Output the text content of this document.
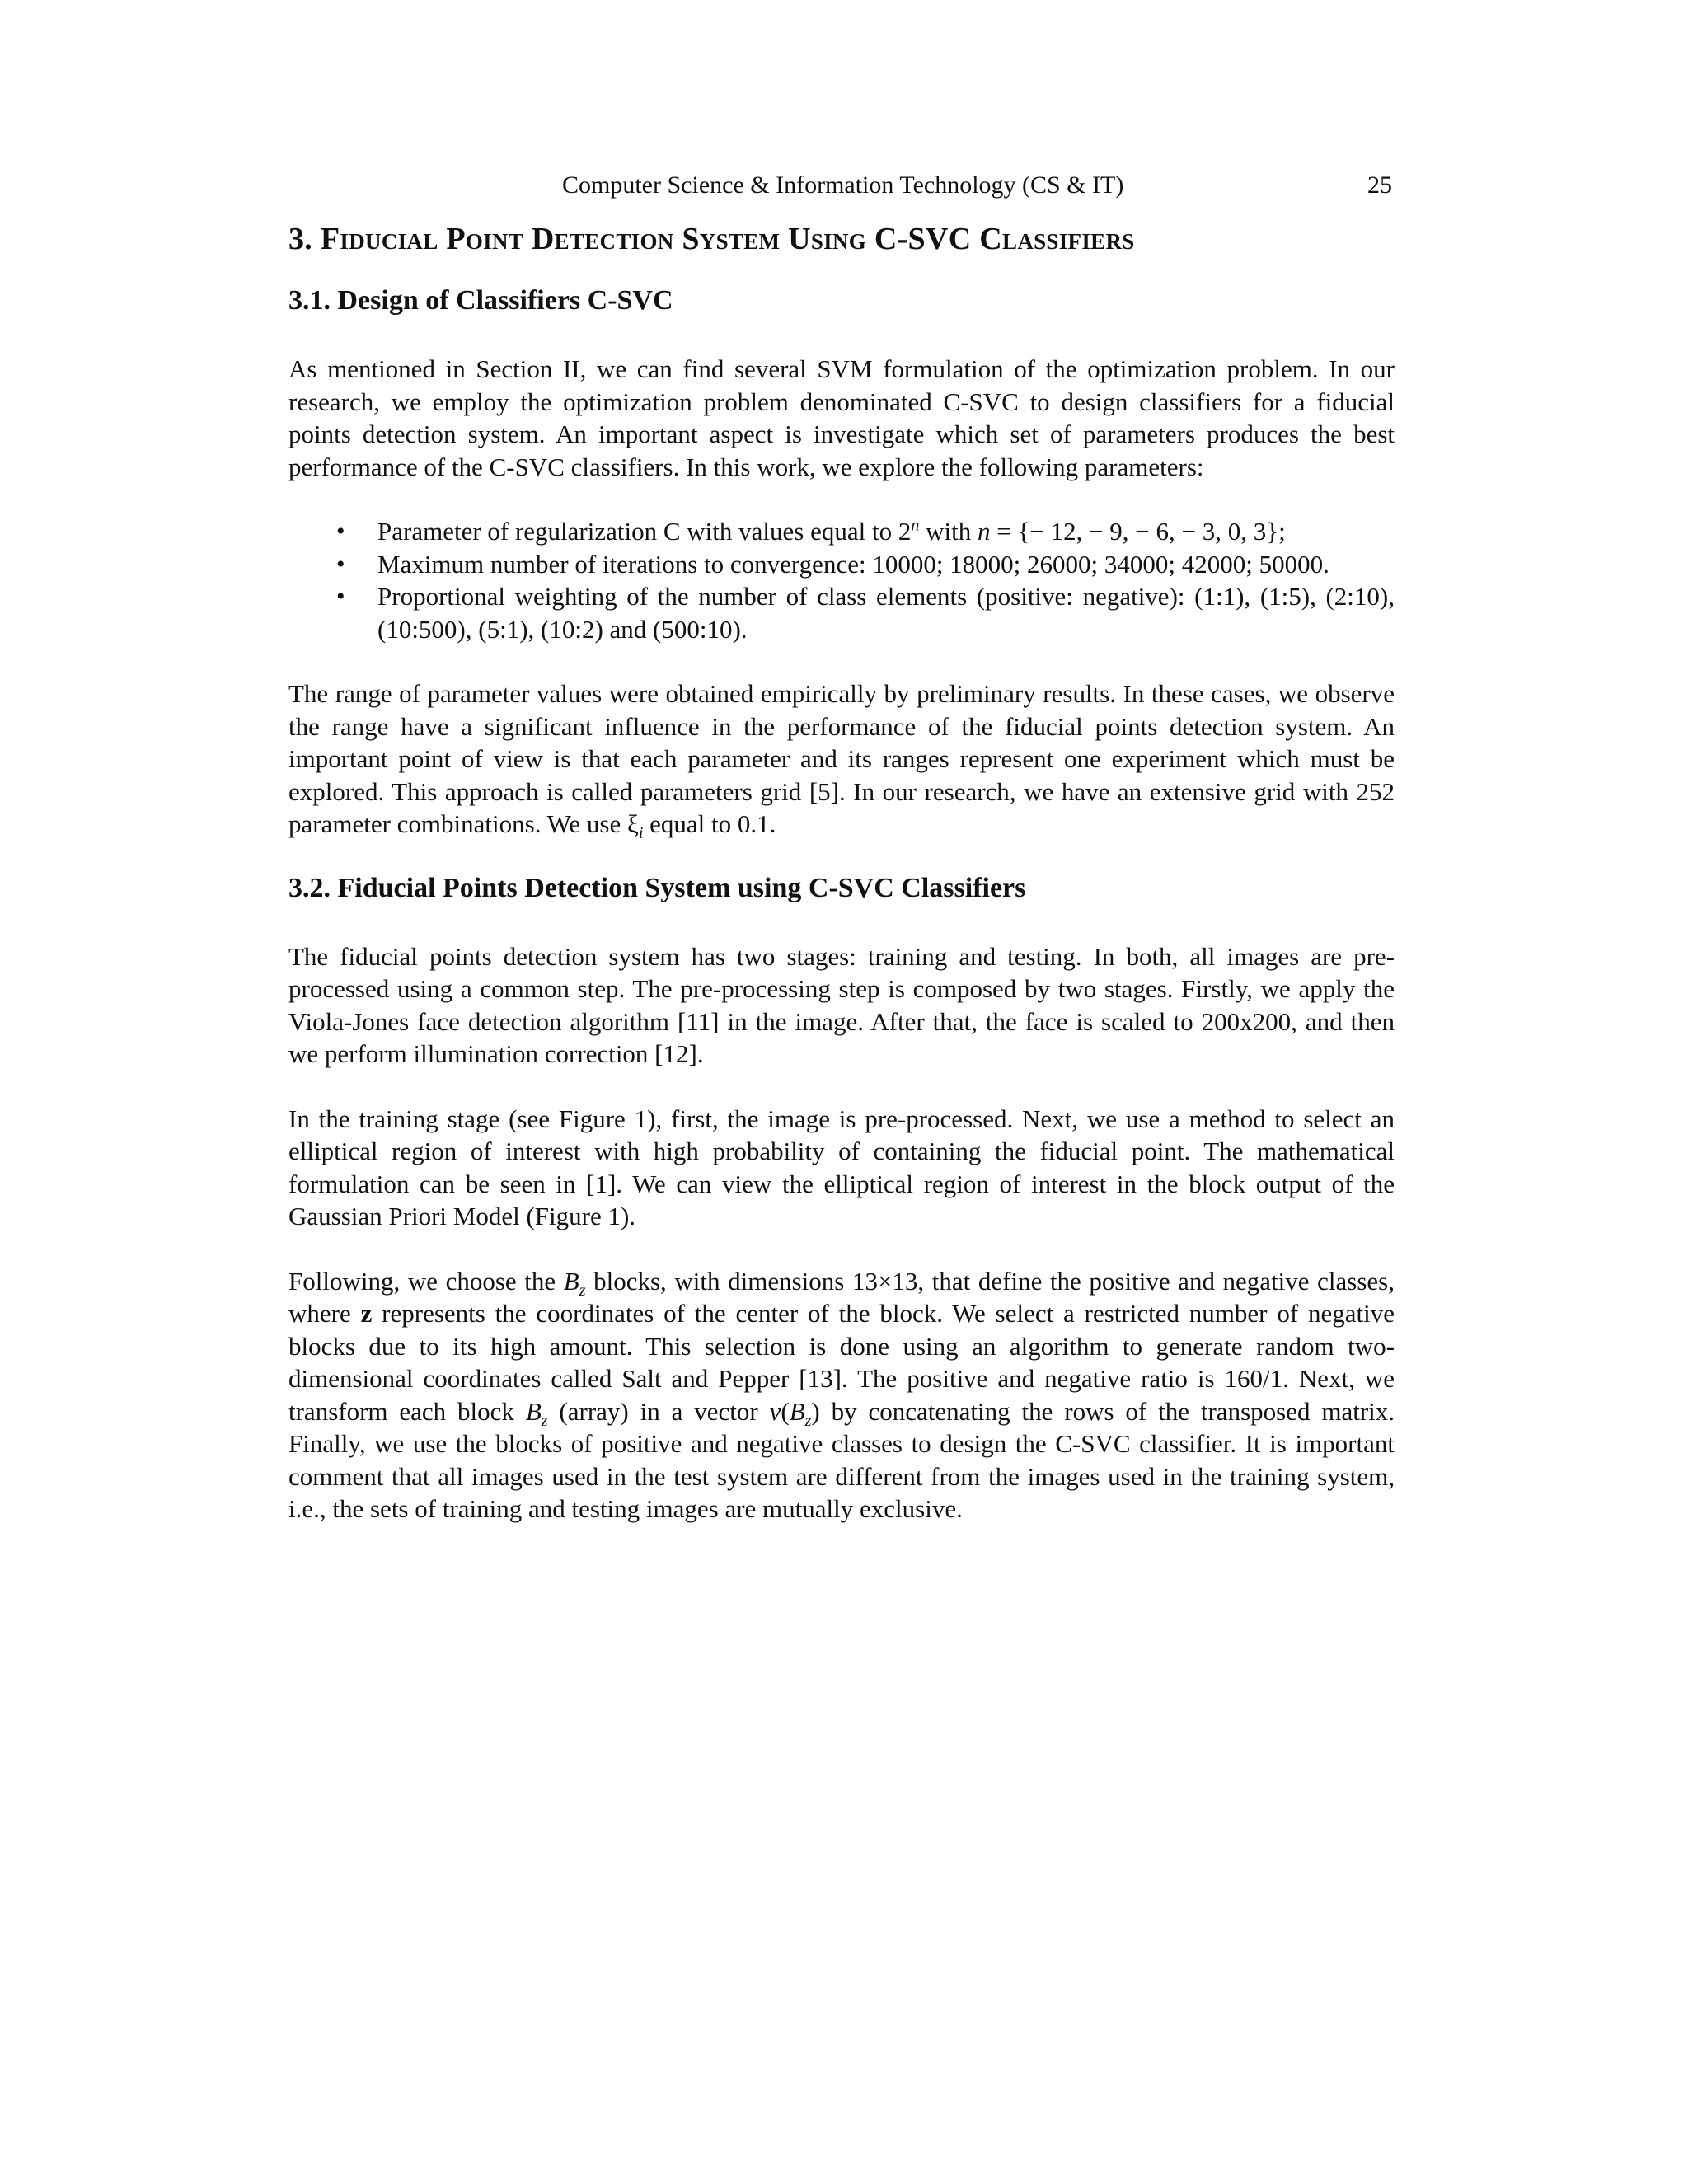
Computer Science & Information Technology (CS & IT)	25
3. Fiducial Point Detection System Using C-SVC Classifiers
3.1. Design of Classifiers C-SVC

As mentioned in Section II, we can find several SVM formulation of the optimization problem. In our research, we employ the optimization problem denominated C-SVC to design classifiers for a fiducial points detection system. An important aspect is investigate which set of parameters produces the best performance of the C-SVC classifiers. In this work, we explore the following parameters:

• Parameter of regularization C with values equal to 2$^n$ with n = {− 12, − 9, − 6, − 3, 0, 3};
• Maximum number of iterations to convergence: 10000; 18000; 26000; 34000; 42000; 50000.
• Proportional weighting of the number of class elements (positive: negative): (1:1), (1:5), (2:10), (10:500), (5:1), (10:2) and (500:10).

The range of parameter values were obtained empirically by preliminary results. In these cases, we observe the range have a significant influence in the performance of the fiducial points detection system. An important point of view is that each parameter and its ranges represent one experiment which must be explored. This approach is called parameters grid [5]. In our research, we have an extensive grid with 252 parameter combinations. We use $\xi_i$ equal to 0.1.

3.2. Fiducial Points Detection System using C-SVC Classifiers

The fiducial points detection system has two stages: training and testing. In both, all images are pre-processed using a common step. The pre-processing step is composed by two stages. Firstly, we apply the Viola-Jones face detection algorithm [11] in the image. After that, the face is scaled to 200x200, and then we perform illumination correction [12].

In the training stage (see Figure 1), first, the image is pre-processed. Next, we use a method to select an elliptical region of interest with high probability of containing the fiducial point. The mathematical formulation can be seen in [1]. We can view the elliptical region of interest in the block output of the Gaussian Priori Model (Figure 1).

Following, we choose the $B_z$ blocks, with dimensions 13×13, that define the positive and negative classes, where z represents the coordinates of the center of the block. We select a restricted number of negative blocks due to its high amount. This selection is done using an algorithm to generate random two-dimensional coordinates called Salt and Pepper [13]. The positive and negative ratio is 160/1. Next, we transform each block $B_z$ (array) in a vector $v(B_z)$ by concatenating the rows of the transposed matrix. Finally, we use the blocks of positive and negative classes to design the C-SVC classifier. It is important comment that all images used in the test system are different from the images used in the training system, i.e., the sets of training and testing images are mutually exclusive.
